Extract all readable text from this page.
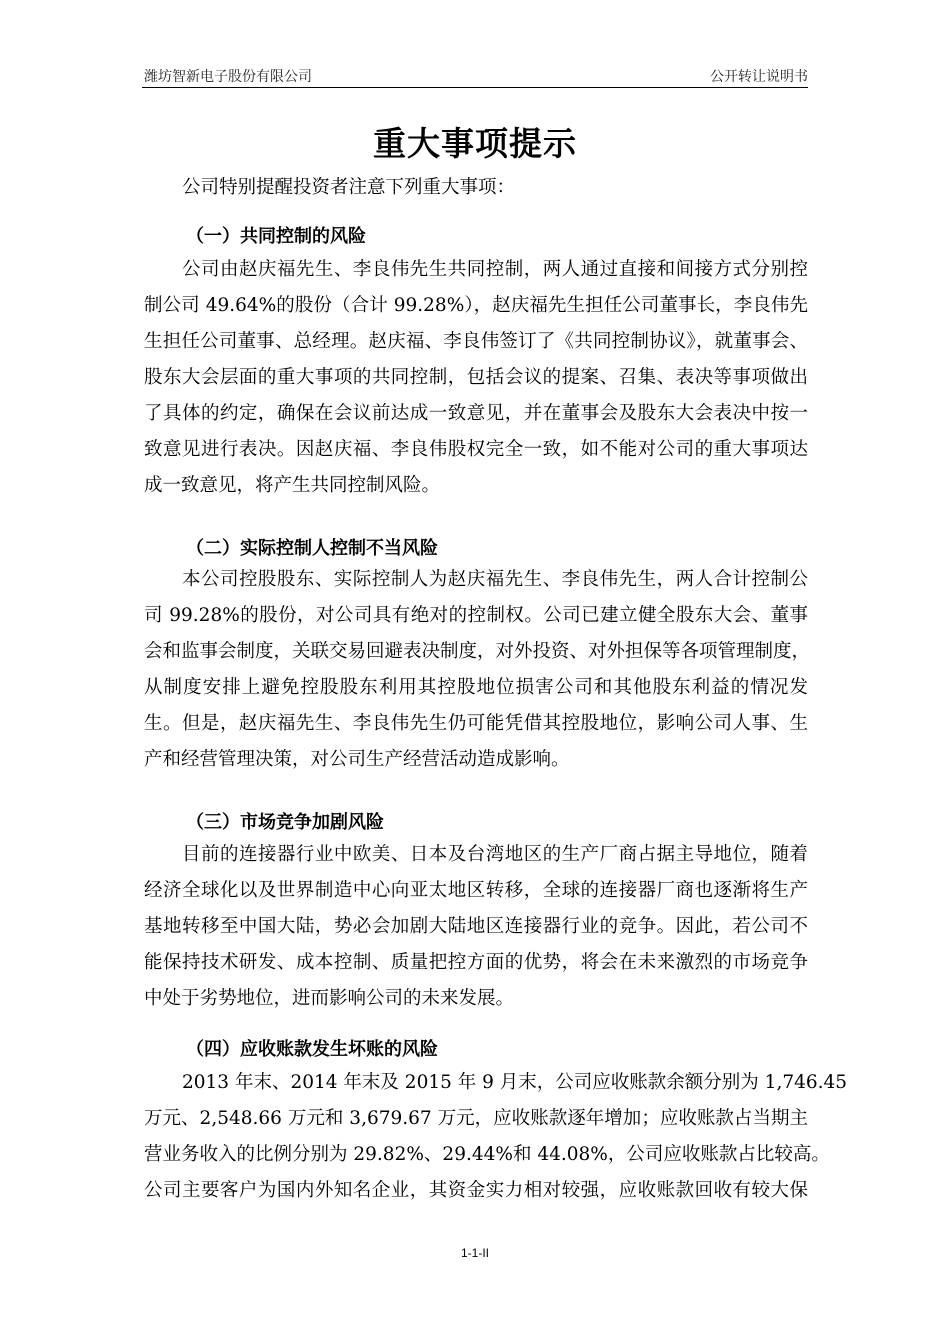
潍坊智新电子股份有限公司	公开转让说明书
重大事项提示
公司特别提醒投资者注意下列重大事项：
（一）共同控制的风险
公司由赵庆福先生、李良伟先生共同控制，两人通过直接和间接方式分别控
制公司 49.64%的股份（合计 99.28%），赵庆福先生担任公司董事长，李良伟先
生担任公司董事、总经理。赵庆福、李良伟签订了《共同控制协议》，就董事会、
股东大会层面的重大事项的共同控制，包括会议的提案、召集、表决等事项做出
了具体的约定，确保在会议前达成一致意见，并在董事会及股东大会表决中按一
致意见进行表决。因赵庆福、李良伟股权完全一致，如不能对公司的重大事项达
成一致意见，将产生共同控制风险。
（二）实际控制人控制不当风险
本公司控股股东、实际控制人为赵庆福先生、李良伟先生，两人合计控制公
司 99.28%的股份，对公司具有绝对的控制权。公司已建立健全股东大会、董事
会和监事会制度，关联交易回避表决制度，对外投资、对外担保等各项管理制度，
从制度安排上避免控股股东利用其控股地位损害公司和其他股东利益的情况发
生。但是，赵庆福先生、李良伟先生仍可能凭借其控股地位，影响公司人事、生
产和经营管理决策，对公司生产经营活动造成影响。
（三）市场竞争加剧风险
目前的连接器行业中欧美、日本及台湾地区的生产厂商占据主导地位，随着
经济全球化以及世界制造中心向亚太地区转移，全球的连接器厂商也逐渐将生产
基地转移至中国大陆，势必会加剧大陆地区连接器行业的竞争。因此，若公司不
能保持技术研发、成本控制、质量把控方面的优势，将会在未来激烈的市场竞争
中处于劣势地位，进而影响公司的未来发展。
（四）应收账款发生坏账的风险
2013 年末、2014 年末及 2015 年 9 月末，公司应收账款余额分别为 1,746.45
万元、2,548.66 万元和 3,679.67 万元，应收账款逐年增加；应收账款占当期主
营业务收入的比例分别为 29.82%、29.44%和 44.08%，公司应收账款占比较高。
公司主要客户为国内外知名企业，其资金实力相对较强，应收账款回收有较大保
1-1-II
